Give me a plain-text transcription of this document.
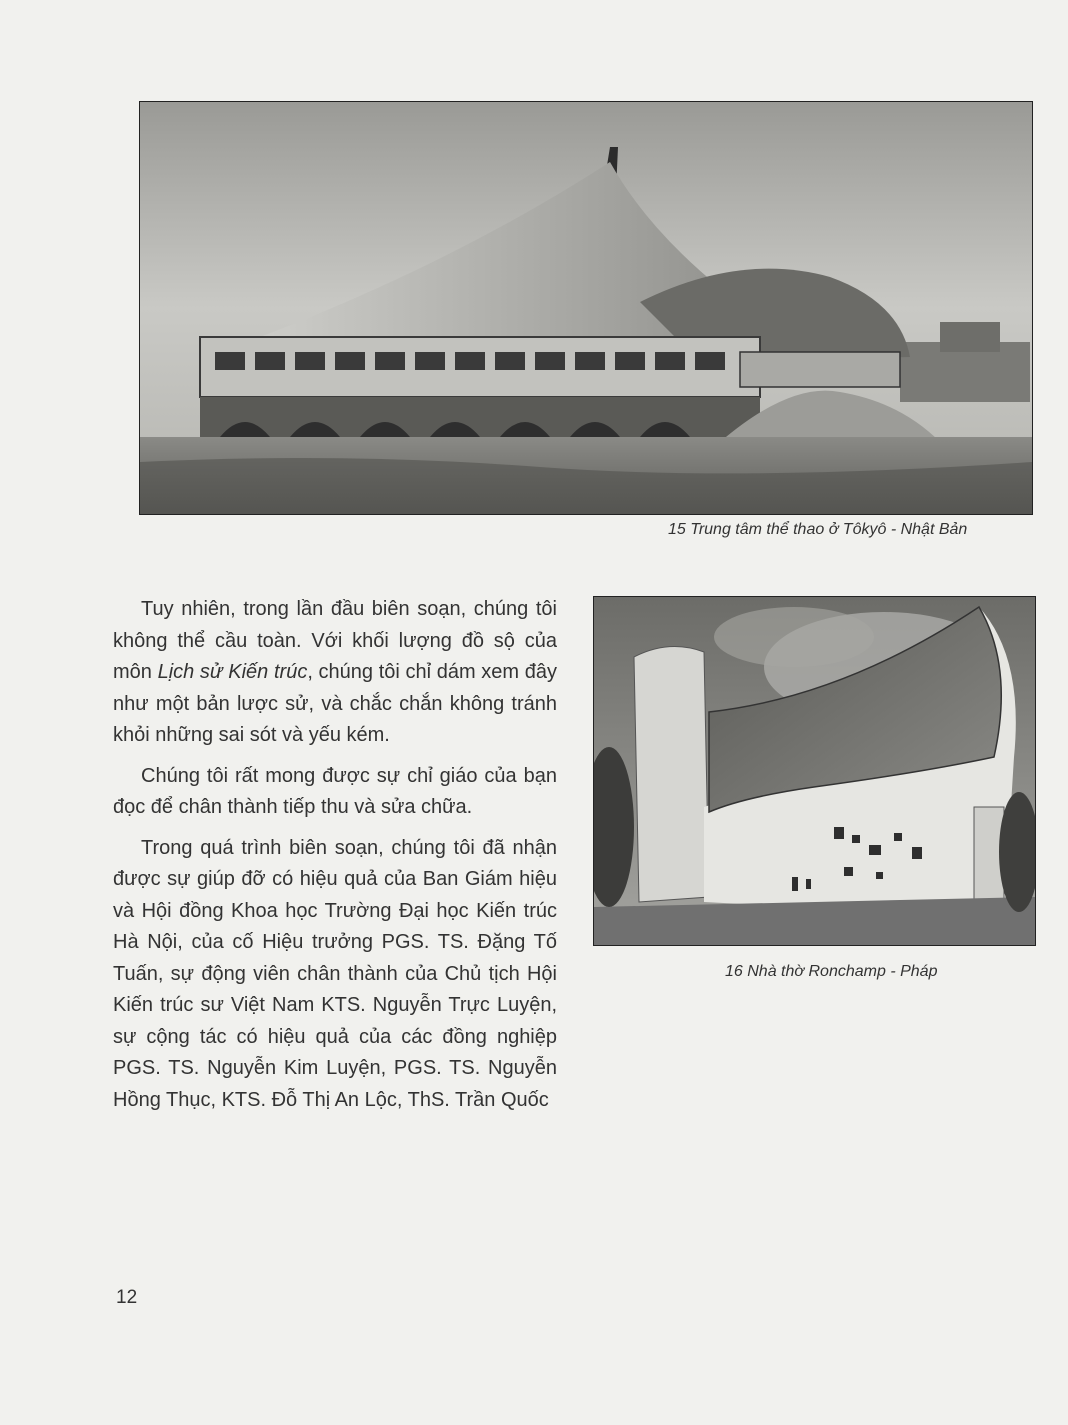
15 Trung tâm thể thao ở Tôkyô - Nhật Bản
16 Nhà thờ Ronchamp - Pháp

Tuy nhiên, trong lần đầu biên soạn, chúng tôi không thể cầu toàn. Với khối lượng đồ sộ của môn Lịch sử Kiến trúc, chúng tôi chỉ dám xem đây như một bản lược sử, và chắc chắn không tránh khỏi những sai sót và yếu kém.

Chúng tôi rất mong được sự chỉ giáo của bạn đọc để chân thành tiếp thu và sửa chữa.

Trong quá trình biên soạn, chúng tôi đã nhận được sự giúp đỡ có hiệu quả của Ban Giám hiệu và Hội đồng Khoa học Trường Đại học Kiến trúc Hà Nội, của cố Hiệu trưởng PGS. TS. Đặng Tố Tuấn, sự động viên chân thành của Chủ tịch Hội Kiến trúc sư Việt Nam KTS. Nguyễn Trực Luyện, sự cộng tác có hiệu quả của các đồng nghiệp PGS. TS. Nguyễn Kim Luyện, PGS. TS. Nguyễn Hồng Thục, KTS. Đỗ Thị An Lộc, ThS. Trần Quốc

12
